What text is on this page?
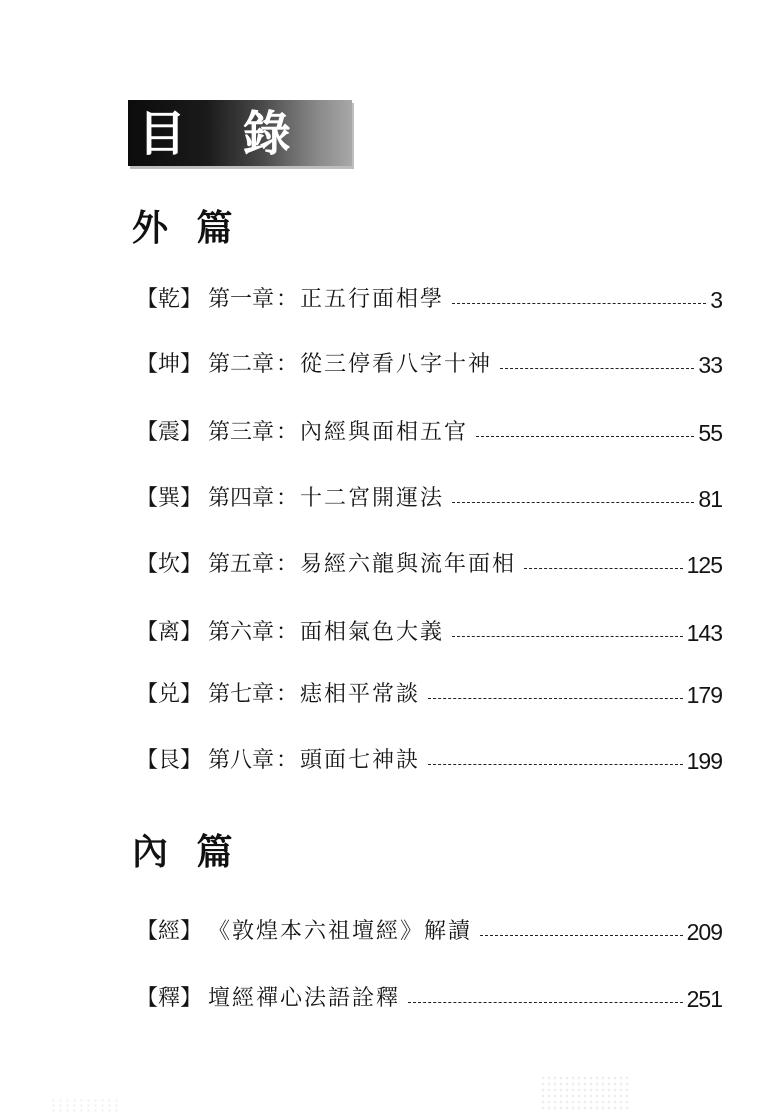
目 錄
外 篇
【乾】 第一章 ： 正五行面相學	3
【坤】 第二章 ： 從三停看八字十神	33
【震】 第三章 ： 內經與面相五官	55
【巽】 第四章 ： 十二宮開運法	81
【坎】 第五章 ： 易經六龍與流年面相	125
【离】 第六章 ： 面相氣色大義	143
【兑】 第七章 ： 痣相平常談	179
【艮】 第八章 ： 頭面七神訣	199
內 篇
【經】 《敦煌本六祖壇經》解讀	209
【釋】 壇經禪心法語詮釋	251
